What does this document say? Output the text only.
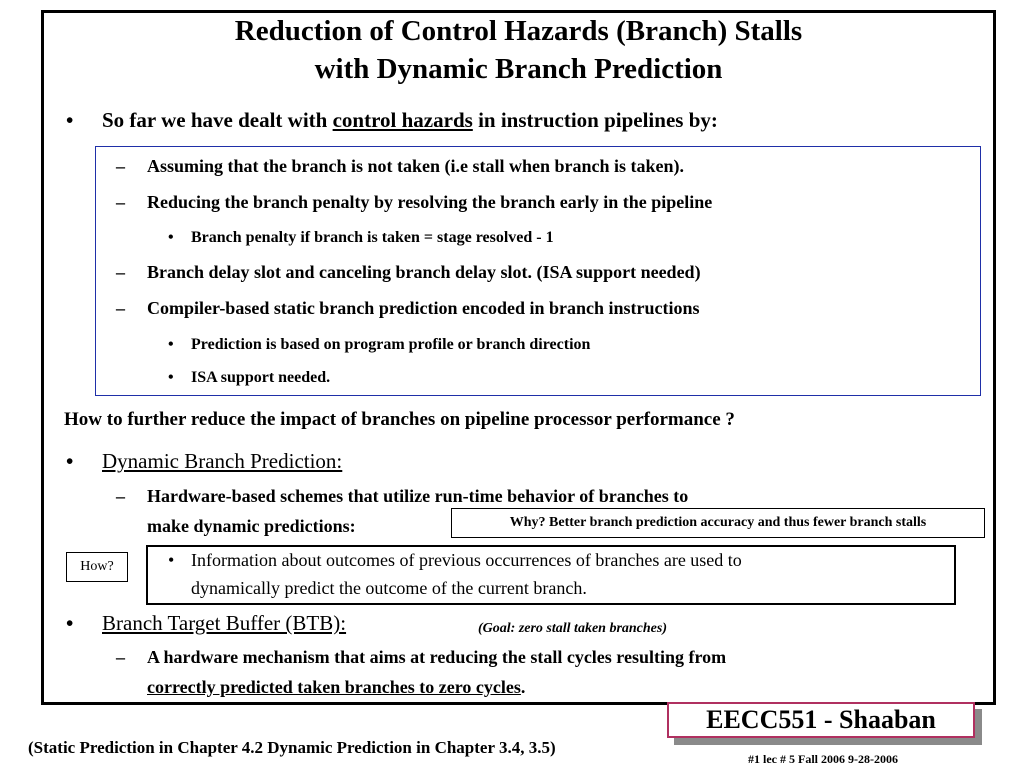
Reduction of Control Hazards (Branch) Stalls
with Dynamic Branch Prediction
• So far we have dealt with control hazards in instruction pipelines by:
– Assuming that the branch is not taken (i.e stall when branch is taken).
– Reducing the branch penalty by resolving the branch early in the pipeline
• Branch penalty if branch is taken = stage resolved - 1
– Branch delay slot and canceling branch delay slot. (ISA support needed)
– Compiler-based static branch prediction encoded in branch instructions
• Prediction is based on program profile or branch direction
• ISA support needed.
How to further reduce the impact of branches on pipeline processor performance ?
• Dynamic Branch Prediction:
– Hardware-based schemes that utilize run-time behavior of branches to
make dynamic predictions:	Why? Better branch prediction accuracy and thus fewer branch stalls
How?	• Information about outcomes of previous occurrences of branches are used to
dynamically predict the outcome of the current branch.
• Branch Target Buffer (BTB):	(Goal: zero stall taken branches)
– A hardware mechanism that aims at reducing the stall cycles resulting from
correctly predicted taken branches to zero cycles.
EECC551 - Shaaban
(Static Prediction in Chapter 4.2 Dynamic Prediction in Chapter 3.4, 3.5)
#1 lec # 5 Fall 2006 9-28-2006
